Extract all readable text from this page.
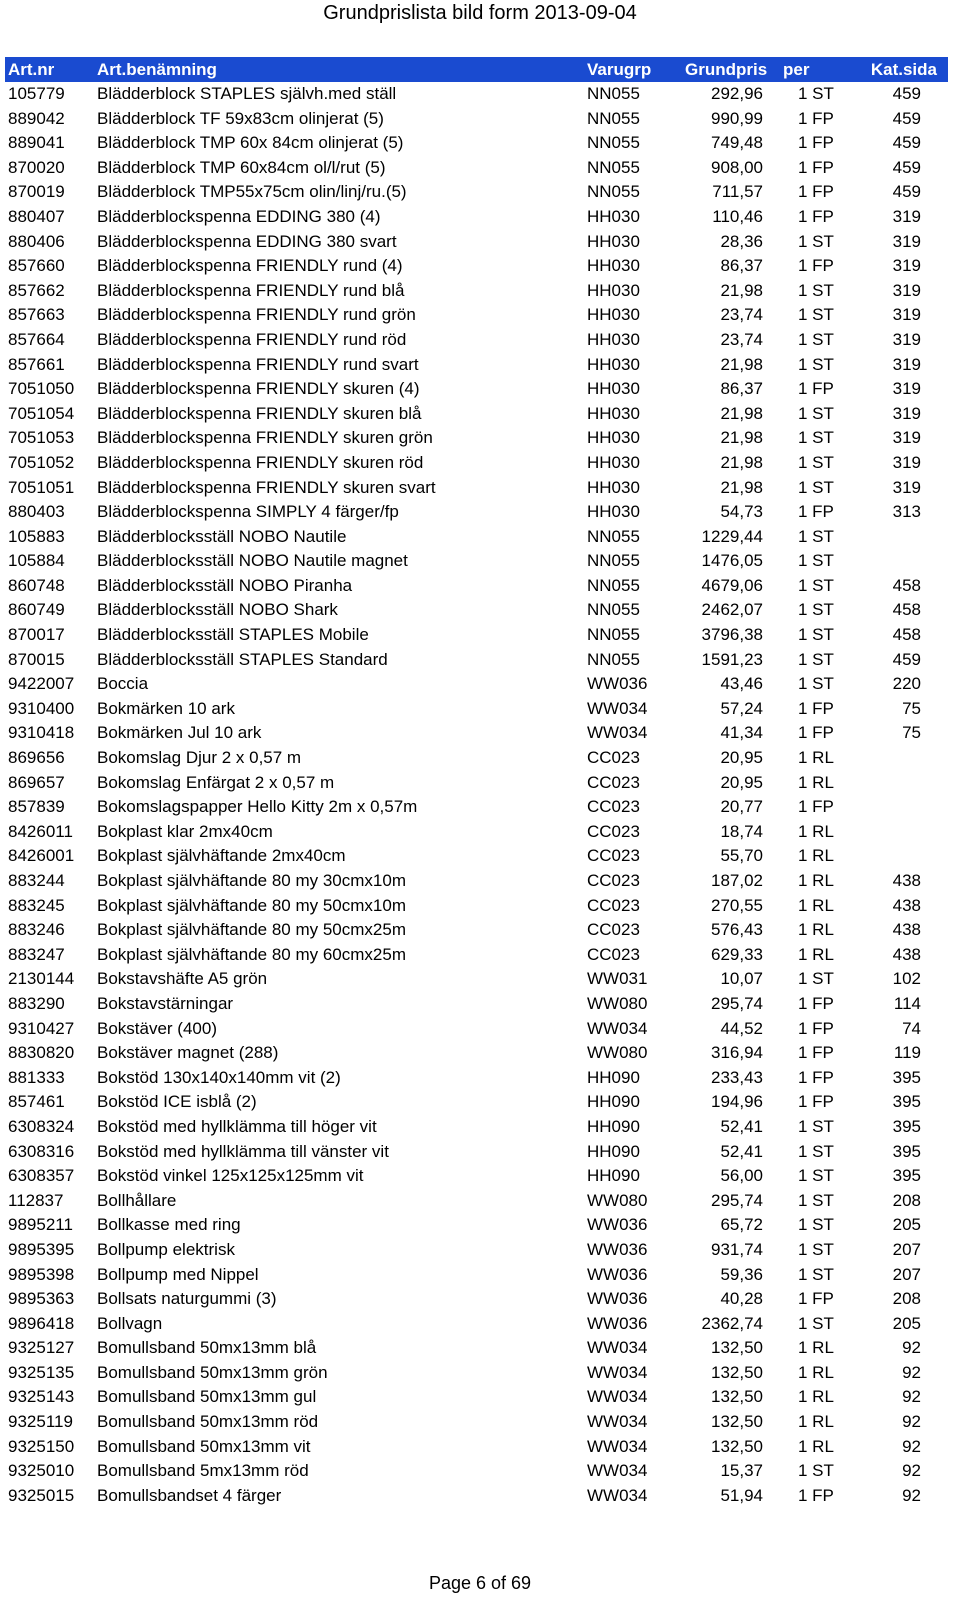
Grundprislista bild form 2013-09-04
Art.nr	Art.benämning	Varugrp Grundpris per	Kat.sida
105779 Blädderblock STAPLES självh.med ställ	NN055	292,96 1 ST	459
889042 Blädderblock TF 59x83cm olinjerat (5)	NN055	990,99 1 FP	459
889041 Blädderblock TMP 60x 84cm olinjerat (5)	NN055	749,48 1 FP	459
870020 Blädderblock TMP 60x84cm ol/l/rut (5)	NN055	908,00 1 FP	459
870019 Blädderblock TMP55x75cm olin/linj/ru.(5)	NN055	711,57 1 FP	459
880407 Blädderblockspenna EDDING 380 (4)	HH030	110,46 1 FP	319
880406 Blädderblockspenna EDDING 380 svart	HH030	28,36 1 ST	319
857660 Blädderblockspenna FRIENDLY rund (4)	HH030	86,37 1 FP	319
857662 Blädderblockspenna FRIENDLY rund blå	HH030	21,98 1 ST	319
857663 Blädderblockspenna FRIENDLY rund grön	HH030	23,74 1 ST	319
857664 Blädderblockspenna FRIENDLY rund röd	HH030	23,74 1 ST	319
857661 Blädderblockspenna FRIENDLY rund svart	HH030	21,98 1 ST	319
7051050 Blädderblockspenna FRIENDLY skuren (4)	HH030	86,37 1 FP	319
7051054 Blädderblockspenna FRIENDLY skuren blå	HH030	21,98 1 ST	319
7051053 Blädderblockspenna FRIENDLY skuren grön	HH030	21,98 1 ST	319
7051052 Blädderblockspenna FRIENDLY skuren röd	HH030	21,98 1 ST	319
7051051 Blädderblockspenna FRIENDLY skuren svart	HH030	21,98 1 ST	319
880403 Blädderblockspenna SIMPLY 4 färger/fp	HH030	54,73 1 FP	313
105883 Blädderblocksställ NOBO Nautile	NN055	1229,44 1 ST
105884 Blädderblocksställ NOBO Nautile magnet	NN055	1476,05 1 ST
860748 Blädderblocksställ NOBO Piranha	NN055	4679,06 1 ST	458
860749 Blädderblocksställ NOBO Shark	NN055	2462,07 1 ST	458
870017 Blädderblocksställ STAPLES Mobile	NN055	3796,38 1 ST	458
870015 Blädderblocksställ STAPLES Standard	NN055	1591,23 1 ST	459
9422007 Boccia	WW036	43,46 1 ST	220
9310400 Bokmärken 10 ark	WW034	57,24 1 FP	75
9310418 Bokmärken Jul 10 ark	WW034	41,34 1 FP	75
869656 Bokomslag Djur 2 x 0,57 m	CC023	20,95 1 RL
869657 Bokomslag Enfärgat 2 x 0,57 m	CC023	20,95 1 RL
857839 Bokomslagspapper Hello Kitty 2m x 0,57m	CC023	20,77 1 FP
8426011 Bokplast klar 2mx40cm	CC023	18,74 1 RL
8426001 Bokplast självhäftande 2mx40cm	CC023	55,70 1 RL
883244 Bokplast självhäftande 80 my 30cmx10m	CC023	187,02 1 RL	438
883245 Bokplast självhäftande 80 my 50cmx10m	CC023	270,55 1 RL	438
883246 Bokplast självhäftande 80 my 50cmx25m	CC023	576,43 1 RL	438
883247 Bokplast självhäftande 80 my 60cmx25m	CC023	629,33 1 RL	438
2130144 Bokstavshäfte A5 grön	WW031	10,07 1 ST	102
883290 Bokstavstärningar	WW080	295,74 1 FP	114
9310427 Bokstäver (400)	WW034	44,52 1 FP	74
8830820 Bokstäver magnet (288)	WW080	316,94 1 FP	119
881333 Bokstöd 130x140x140mm vit (2)	HH090	233,43 1 FP	395
857461 Bokstöd ICE isblå (2)	HH090	194,96 1 FP	395
6308324 Bokstöd med hyllklämma till höger vit	HH090	52,41 1 ST	395
6308316 Bokstöd med hyllklämma till vänster vit	HH090	52,41 1 ST	395
6308357 Bokstöd vinkel 125x125x125mm vit	HH090	56,00 1 ST	395
112837 Bollhållare	WW080	295,74 1 ST	208
9895211 Bollkasse med ring	WW036	65,72 1 ST	205
9895395 Bollpump elektrisk	WW036	931,74 1 ST	207
9895398 Bollpump med Nippel	WW036	59,36 1 ST	207
9895363 Bollsats naturgummi (3)	WW036	40,28 1 FP	208
9896418 Bollvagn	WW036	2362,74 1 ST	205
9325127 Bomullsband 50mx13mm blå	WW034	132,50 1 RL	92
9325135 Bomullsband 50mx13mm grön	WW034	132,50 1 RL	92
9325143 Bomullsband 50mx13mm gul	WW034	132,50 1 RL	92
9325119 Bomullsband 50mx13mm röd	WW034	132,50 1 RL	92
9325150 Bomullsband 50mx13mm vit	WW034	132,50 1 RL	92
9325010 Bomullsband 5mx13mm röd	WW034	15,37 1 ST	92
9325015 Bomullsbandset 4 färger	WW034	51,94 1 FP	92
Page 6 of 69
